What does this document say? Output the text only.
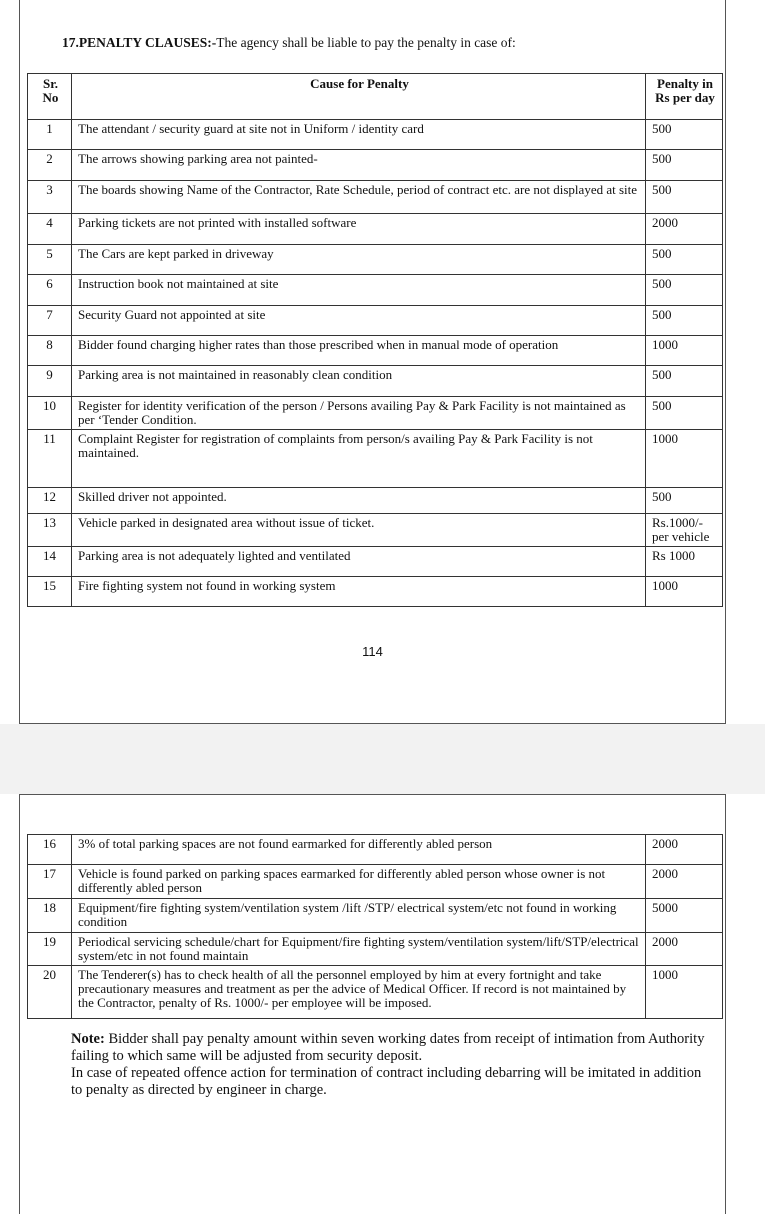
17.PENALTY CLAUSES:-The agency shall be liable to pay the penalty in case of:
Sr. No	Cause for Penalty	Penalty in Rs per day
1	The attendant / security guard at site not in Uniform / identity card	500
2	The arrows showing parking area not painted-	500
3	The boards showing Name of the Contractor, Rate Schedule, period of contract etc. are not displayed at site	500
4	Parking tickets are not printed with installed software	2000
5	The Cars are kept parked in driveway	500
6	Instruction book not maintained at site	500
7	Security Guard not appointed at site	500
8	Bidder found charging higher rates than those prescribed when in manual mode of operation	1000
9	Parking area is not maintained in reasonably clean condition	500
10	Register for identity verification of the person / Persons availing Pay & Park Facility is not maintained as per ‘Tender Condition.	500
11	Complaint Register for registration of complaints from person/s availing Pay & Park Facility is not maintained.	1000
12	Skilled driver not appointed.	500
13	Vehicle parked in designated area without issue of ticket.	Rs.1000/- per vehicle
14	Parking area is not adequately lighted and ventilated	Rs 1000
15	Fire fighting system not found in working system	1000
114
16	3% of total parking spaces are not found earmarked for differently abled person	2000
17	Vehicle is found parked on parking spaces earmarked for differently abled person whose owner is not differently abled person	2000
18	Equipment/fire fighting system/ventilation system /lift /STP/ electrical system/etc not found in working condition	5000
19	Periodical servicing schedule/chart for Equipment/fire fighting system/ventilation system/lift/STP/electrical system/etc in not found maintain	2000
20	The Tenderer(s) has to check health of all the personnel employed by him at every fortnight and take precautionary measures and treatment as per the advice of Medical Officer. If record is not maintained by the Contractor, penalty of Rs. 1000/- per employee will be imposed.	1000

Note: Bidder shall pay penalty amount within seven working dates from receipt of intimation from Authority failing to which same will be adjusted from security deposit.

In case of repeated offence action for termination of contract including debarring will be imitated in addition to penalty as directed by engineer in charge.
